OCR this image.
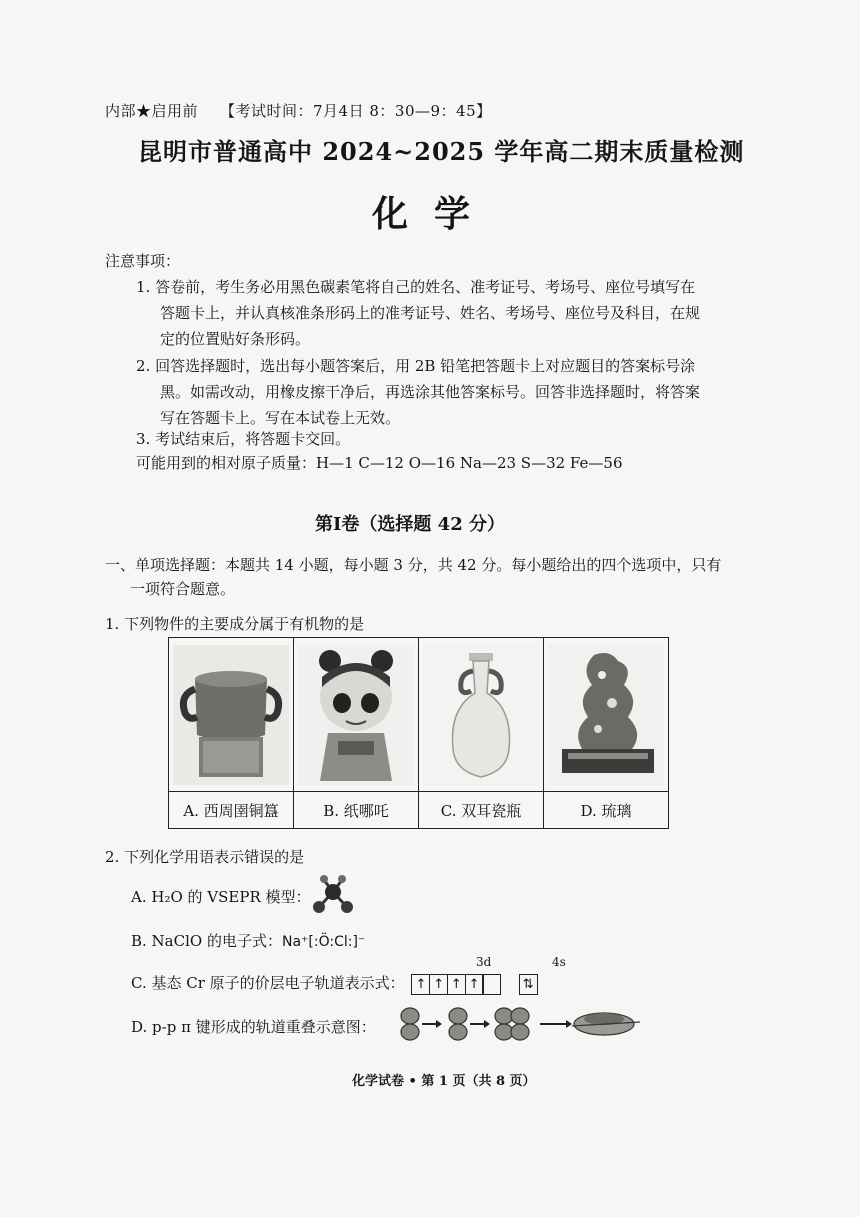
内部★启用前 【考试时间：7月4日 8：30—9：45】
昆明市普通高中 2024~2025 学年高二期末质量检测
化学
注意事项：
1. 答卷前，考生务必用黑色碳素笔将自己的姓名、准考证号、考场号、座位号填写在
答题卡上，并认真核准条形码上的准考证号、姓名、考场号、座位号及科目，在规
定的位置贴好条形码。
2. 回答选择题时，选出每小题答案后，用 2B 铅笔把答题卡上对应题目的答案标号涂
黑。如需改动，用橡皮擦干净后，再选涂其他答案标号。回答非选择题时，将答案
写在答题卡上。写在本试卷上无效。
3. 考试结束后，将答题卡交回。
可能用到的相对原子质量：H—1 C—12 O—16 Na—23 S—32 Fe—56
第Ⅰ卷（选择题 42 分）
一、单项选择题：本题共 14 小题，每小题 3 分，共 42 分。每小题给出的四个选项中，只有
一项符合题意。
1. 下列物件的主要成分属于有机物的是

A. 西周圉铜簋	B. 纸哪吒	C. 双耳瓷瓶	D. 琉璃
2. 下列化学用语表示错误的是
A. H₂O 的 VSEPR 模型：
B. NaClO 的电子式：Na⁺[:Ö:Cl:]⁻
3d	4s
C. 基态 Cr 原子的价层电子轨道表示式： ↑ ↑ ↑ ↑	⇅
D. p-p π 键形成的轨道重叠示意图：
化学试卷 • 第 1 页（共 8 页）
